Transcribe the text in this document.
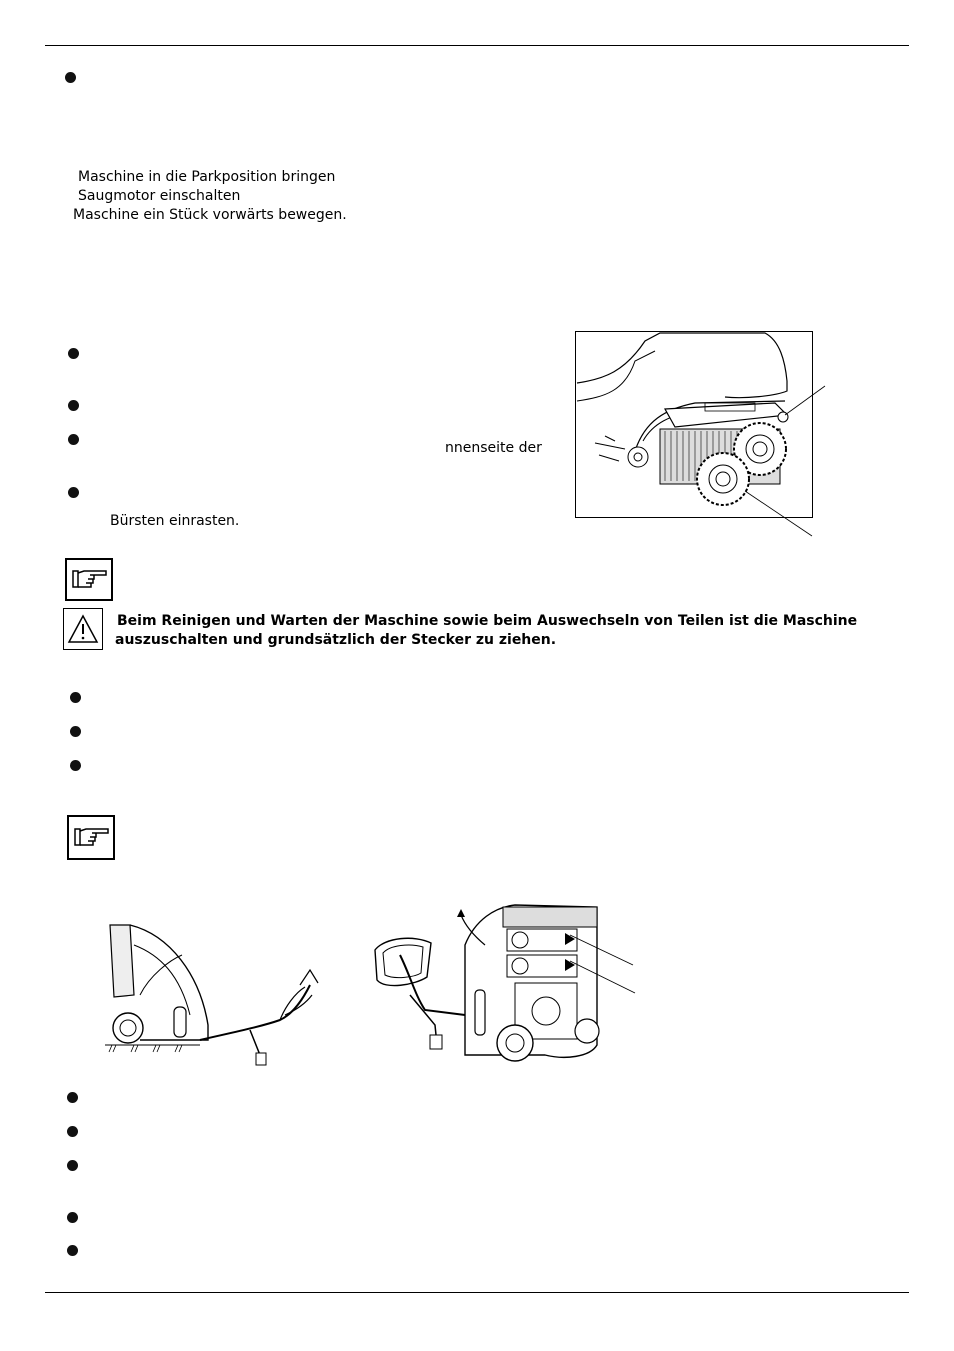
Maschine in die Parkposition bringen
Saugmotor einschalten
Maschine ein Stück vorwärts bewegen.
nnenseite der
Bürsten einrasten.
Beim Reinigen und Warten der Maschine sowie beim Auswechseln von Teilen ist die Maschine
auszuschalten und grundsätzlich der Stecker zu ziehen.
